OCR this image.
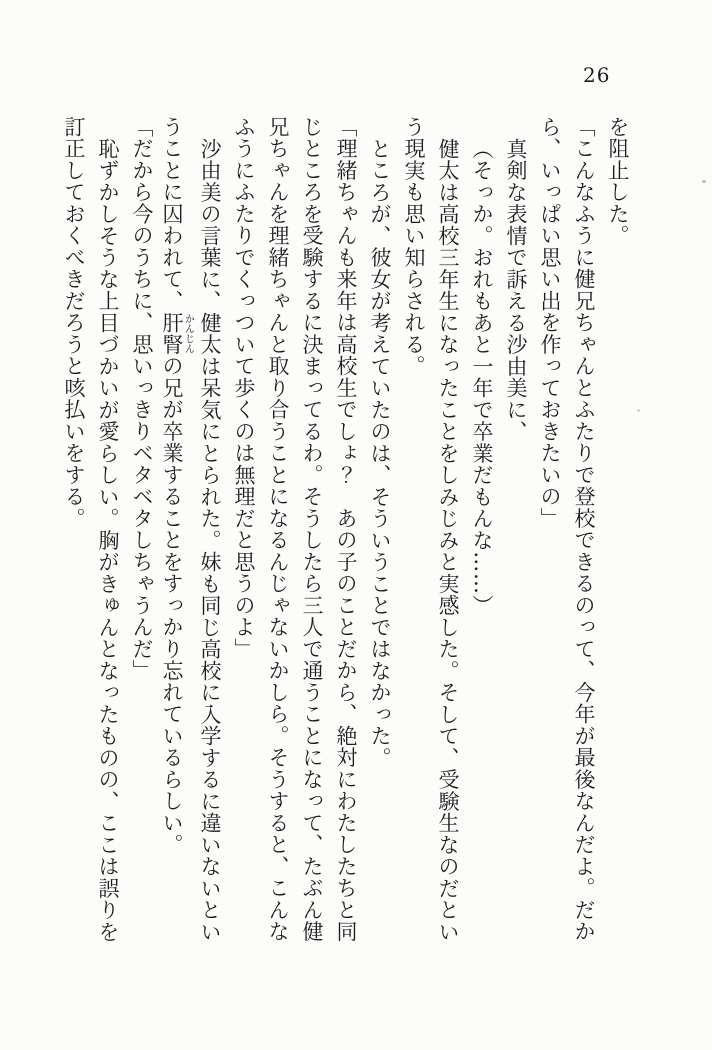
26
を阻止した。
「こんなふうに健兄ちゃんとふたりで登校できるのって、今年が最後なんだよ。だか
ら、いっぱい思い出を作っておきたいの」
真剣な表情で訴える沙由美に、
（そっか。おれもあと一年で卒業だもんな……）
健太は高校三年生になったことをしみじみと実感した。そして、受験生なのだとい
う現実も思い知らされる。
ところが、彼女が考えていたのは、そういうことではなかった。
「理緒ちゃんも来年は高校生でしょ？　あの子のことだから、絶対にわたしたちと同
じところを受験するに決まってるわ。そうしたら三人で通うことになって、たぶん健
兄ちゃんを理緒ちゃんと取り合うことになるんじゃないかしら。そうすると、こんな
ふうにふたりでくっついて歩くのは無理だと思うのよ」
沙由美の言葉に、健太は呆気にとられた。妹も同じ高校に入学するに違いないとい
うことに囚われて、肝腎かんじんの兄が卒業することをすっかり忘れているらしい。
「だから今のうちに、思いっきりベタベタしちゃうんだ」
恥ずかしそうな上目づかいが愛らしい。胸がきゅんとなったものの、ここは誤りを
訂正しておくべきだろうと咳払いをする。
